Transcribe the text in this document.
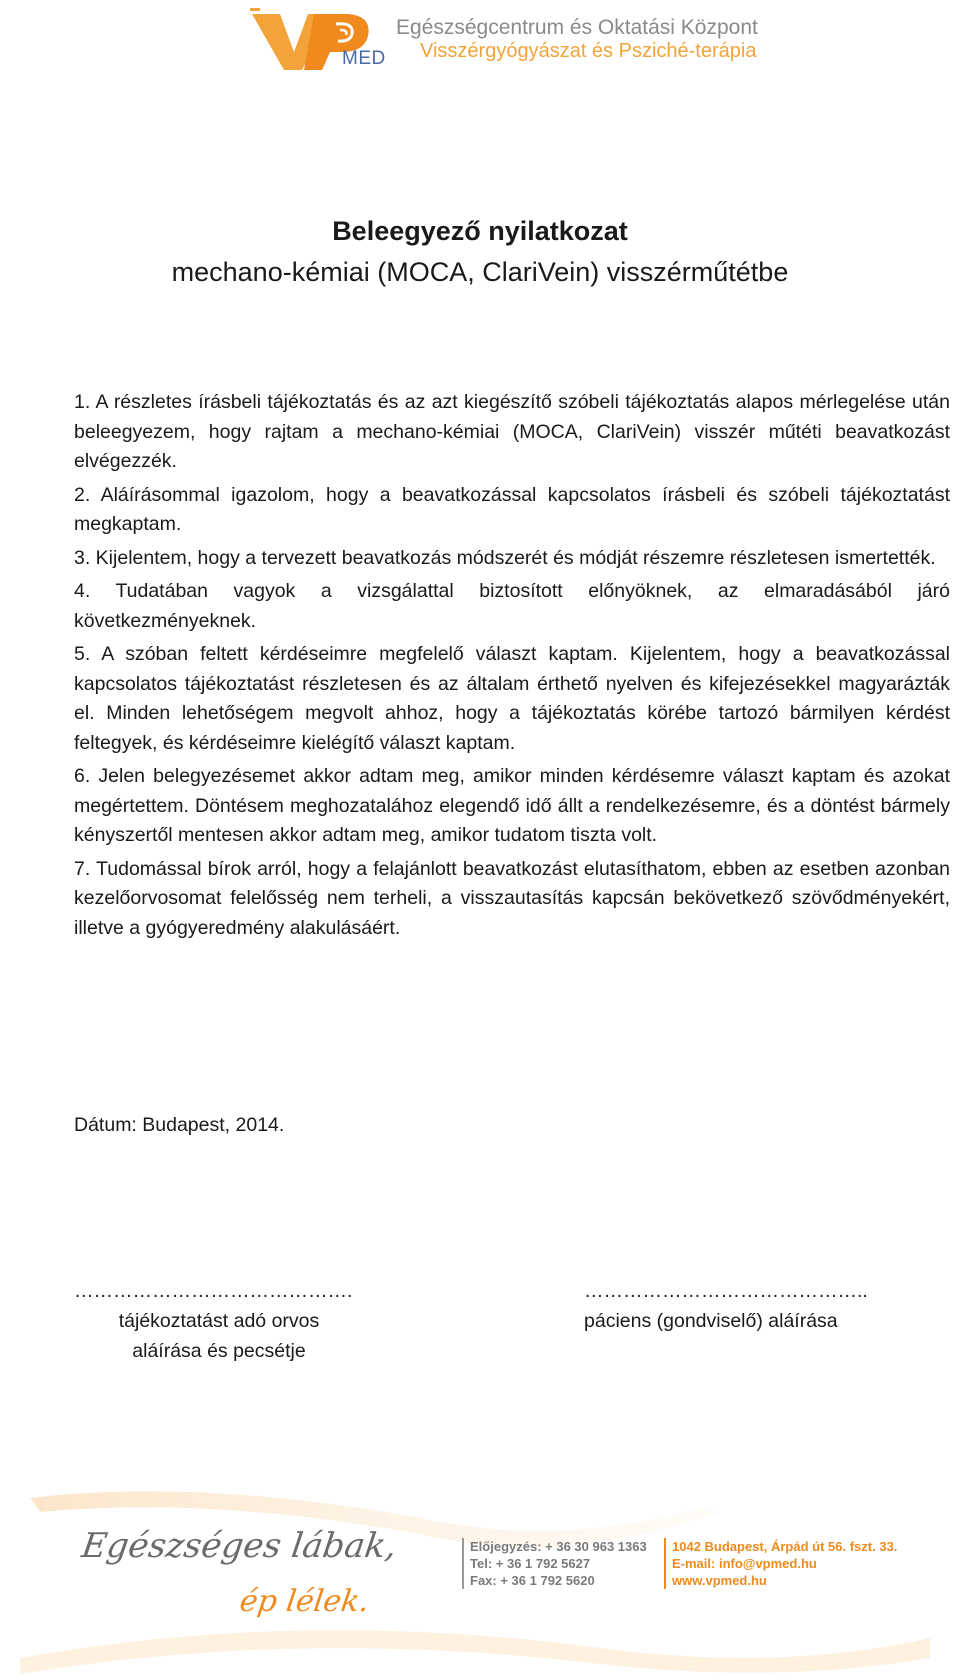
MED
Egészségcentrum és Oktatási Központ
Visszérgyógyászat és Psziché-terápia
Beleegyező nyilatkozat
mechano-kémiai (MOCA, ClariVein) visszérműtétbe

1. A részletes írásbeli tájékoztatás és az azt kiegészítő szóbeli tájékoztatás alapos mérlegelése után beleegyezem, hogy rajtam a mechano-kémiai (MOCA, ClariVein) visszér műtéti beavatkozást elvégezzék.

2. Aláírásommal igazolom, hogy a beavatkozással kapcsolatos írásbeli és szóbeli tájékoztatást megkaptam.

3. Kijelentem, hogy a tervezett beavatkozás módszerét és módját részemre részletesen ismertették.

4. Tudatában vagyok a vizsgálattal biztosított előnyöknek, az elmaradásából járó következményeknek.

5. A szóban feltett kérdéseimre megfelelő választ kaptam. Kijelentem, hogy a beavatkozással kapcsolatos tájékoztatást részletesen és az általam érthető nyelven és kifejezésekkel magyarázták el. Minden lehetőségem megvolt ahhoz, hogy a tájékoztatás körébe tartozó bármilyen kérdést feltegyek, és kérdéseimre kielégítő választ kaptam.

6. Jelen belegyezésemet akkor adtam meg, amikor minden kérdésemre választ kaptam és azokat megértettem. Döntésem meghozatalához elegendő idő állt a rendelkezésemre, és a döntést bármely kényszertől mentesen akkor adtam meg, amikor tudatom tiszta volt.

7. Tudomással bírok arról, hogy a felajánlott beavatkozást elutasíthatom, ebben az esetben azonban kezelőorvosomat felelősség nem terheli, a visszautasítás kapcsán bekövetkező szövődményekért, illetve a gyógyeredmény alakulásáért.

Dátum: Budapest, 2014.
…………………………………….
tájékoztatást adó orvos
aláírása és pecsétje
……………………………………..
páciens (gondviselő) aláírása
Egészséges lábak,
ép lélek.
Előjegyzés: + 36 30 963 1363
Tel: + 36 1 792 5627
Fax: + 36 1 792 5620
1042 Budapest, Árpád út 56. fszt. 33.
E-mail: info@vpmed.hu
www.vpmed.hu
